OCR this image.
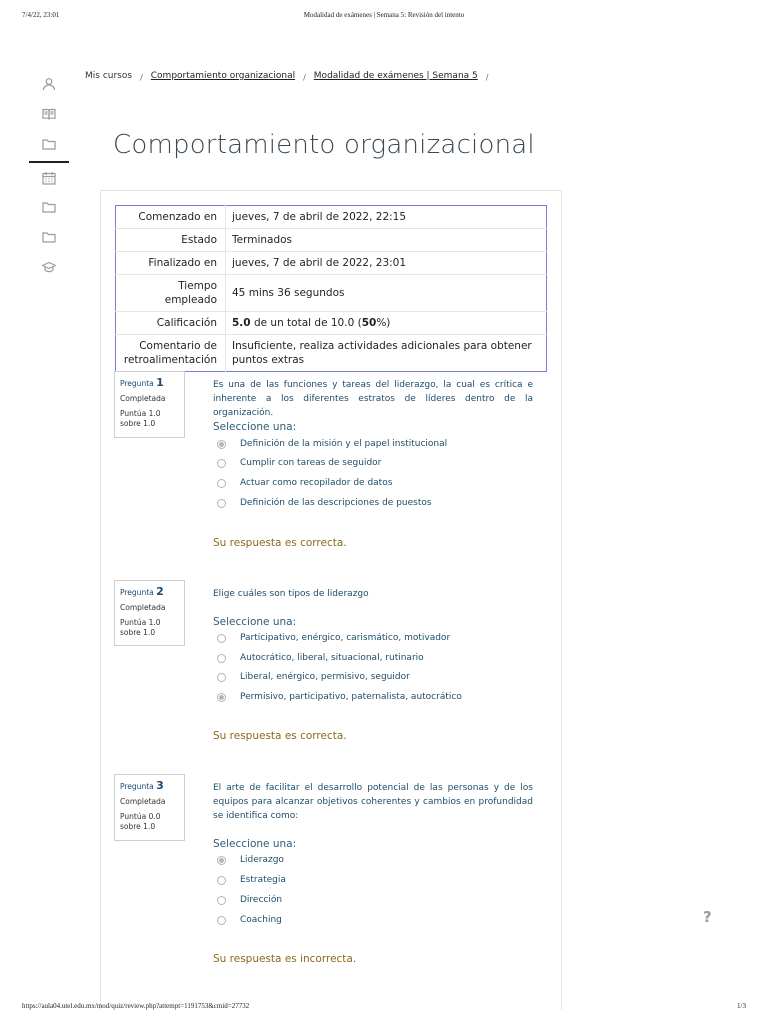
7/4/22, 23:01	Modalidad de exámenes | Semana 5: Revisión del intento
Mis cursos / Comportamiento organizacional / Modalidad de exámenes | Semana 5 /
Comportamiento organizacional
Comenzado en	jueves, 7 de abril de 2022, 22:15
Estado	Terminados
Finalizado en	jueves, 7 de abril de 2022, 23:01
Tiempo
empleado	45 mins 36 segundos
Calificación	5.0 de un total de 10.0 (50%)
Comentario de
retroalimentación	Insuficiente, realiza actividades adicionales para obtener puntos extras
Pregunta 1
Completada
Puntúa 1.0
sobre 1.0
Es una de las funciones y tareas del liderazgo, la cual es crítica e inherente a los diferentes estratos de líderes dentro de la organización.
Seleccione una:
Definición de la misión y el papel institucional
Cumplir con tareas de seguidor
Actuar como recopilador de datos
Definición de las descripciones de puestos
Su respuesta es correcta.
Pregunta 2
Completada
Puntúa 1.0
sobre 1.0
Elige cuáles son tipos de liderazgo
Seleccione una:
Participativo, enérgico, carismático, motivador
Autocrático, liberal, situacional, rutinario
Liberal, enérgico, permisivo, seguidor
Permisivo, participativo, paternalista, autocrático
Su respuesta es correcta.
Pregunta 3
Completada
Puntúa 0.0
sobre 1.0
El arte de facilitar el desarrollo potencial de las personas y de los equipos para alcanzar objetivos coherentes y cambios en profundidad se identifica como:
Seleccione una:
Liderazgo
Estrategia
Dirección
Coaching
Su respuesta es incorrecta.
?
https://aula04.utel.edu.mx/mod/quiz/review.php?attempt=1191753&cmid=27732	1/3
